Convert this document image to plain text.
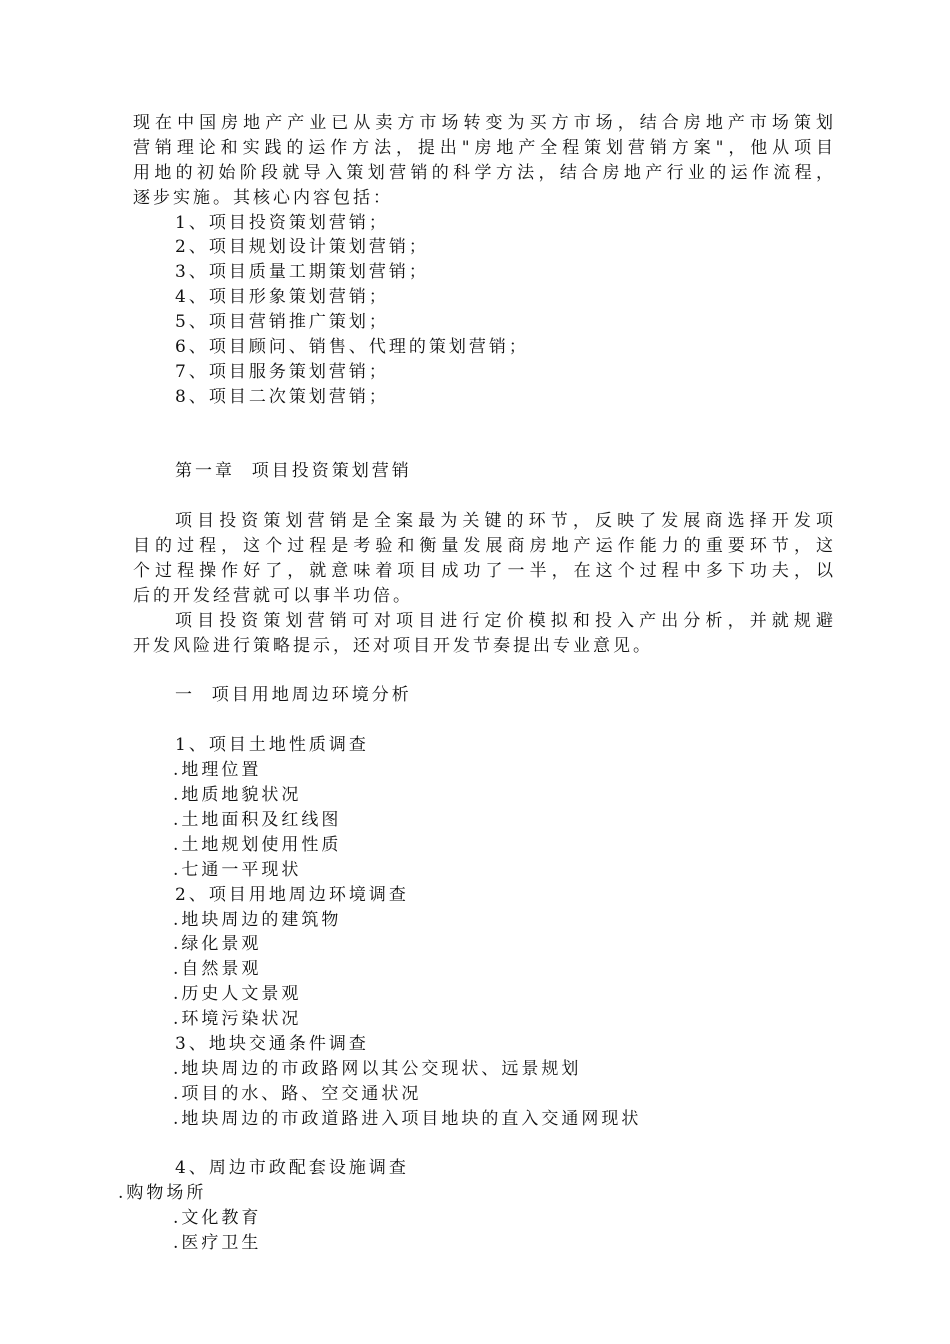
现在中国房地产产业已从卖方市场转变为买方市场，结合房地产市场策划
营销理论和实践的运作方法，提出"房地产全程策划营销方案"，他从项目
用地的初始阶段就导入策划营销的科学方法，结合房地产行业的运作流程，
逐步实施。其核心内容包括：
1、项目投资策划营销；
2、项目规划设计策划营销；
3、项目质量工期策划营销；
4、项目形象策划营销；
5、项目营销推广策划；
6、项目顾问、销售、代理的策划营销；
7、项目服务策划营销；
8、项目二次策划营销；
第一章  项目投资策划营销
项目投资策划营销是全案最为关键的环节，反映了发展商选择开发项
目的过程，这个过程是考验和衡量发展商房地产运作能力的重要环节，这
个过程操作好了，就意味着项目成功了一半，在这个过程中多下功夫，以
后的开发经营就可以事半功倍。
项目投资策划营销可对项目进行定价模拟和投入产出分析，并就规避
开发风险进行策略提示，还对项目开发节奏提出专业意见。
一  项目用地周边环境分析
1、项目土地性质调查
.地理位置
.地质地貌状况
.土地面积及红线图
.土地规划使用性质
.七通一平现状
2、项目用地周边环境调查
.地块周边的建筑物
.绿化景观
.自然景观
.历史人文景观
.环境污染状况
3、地块交通条件调查
.地块周边的市政路网以其公交现状、远景规划
.项目的水、路、空交通状况
.地块周边的市政道路进入项目地块的直入交通网现状
4、周边市政配套设施调查
.购物场所
.文化教育
.医疗卫生
